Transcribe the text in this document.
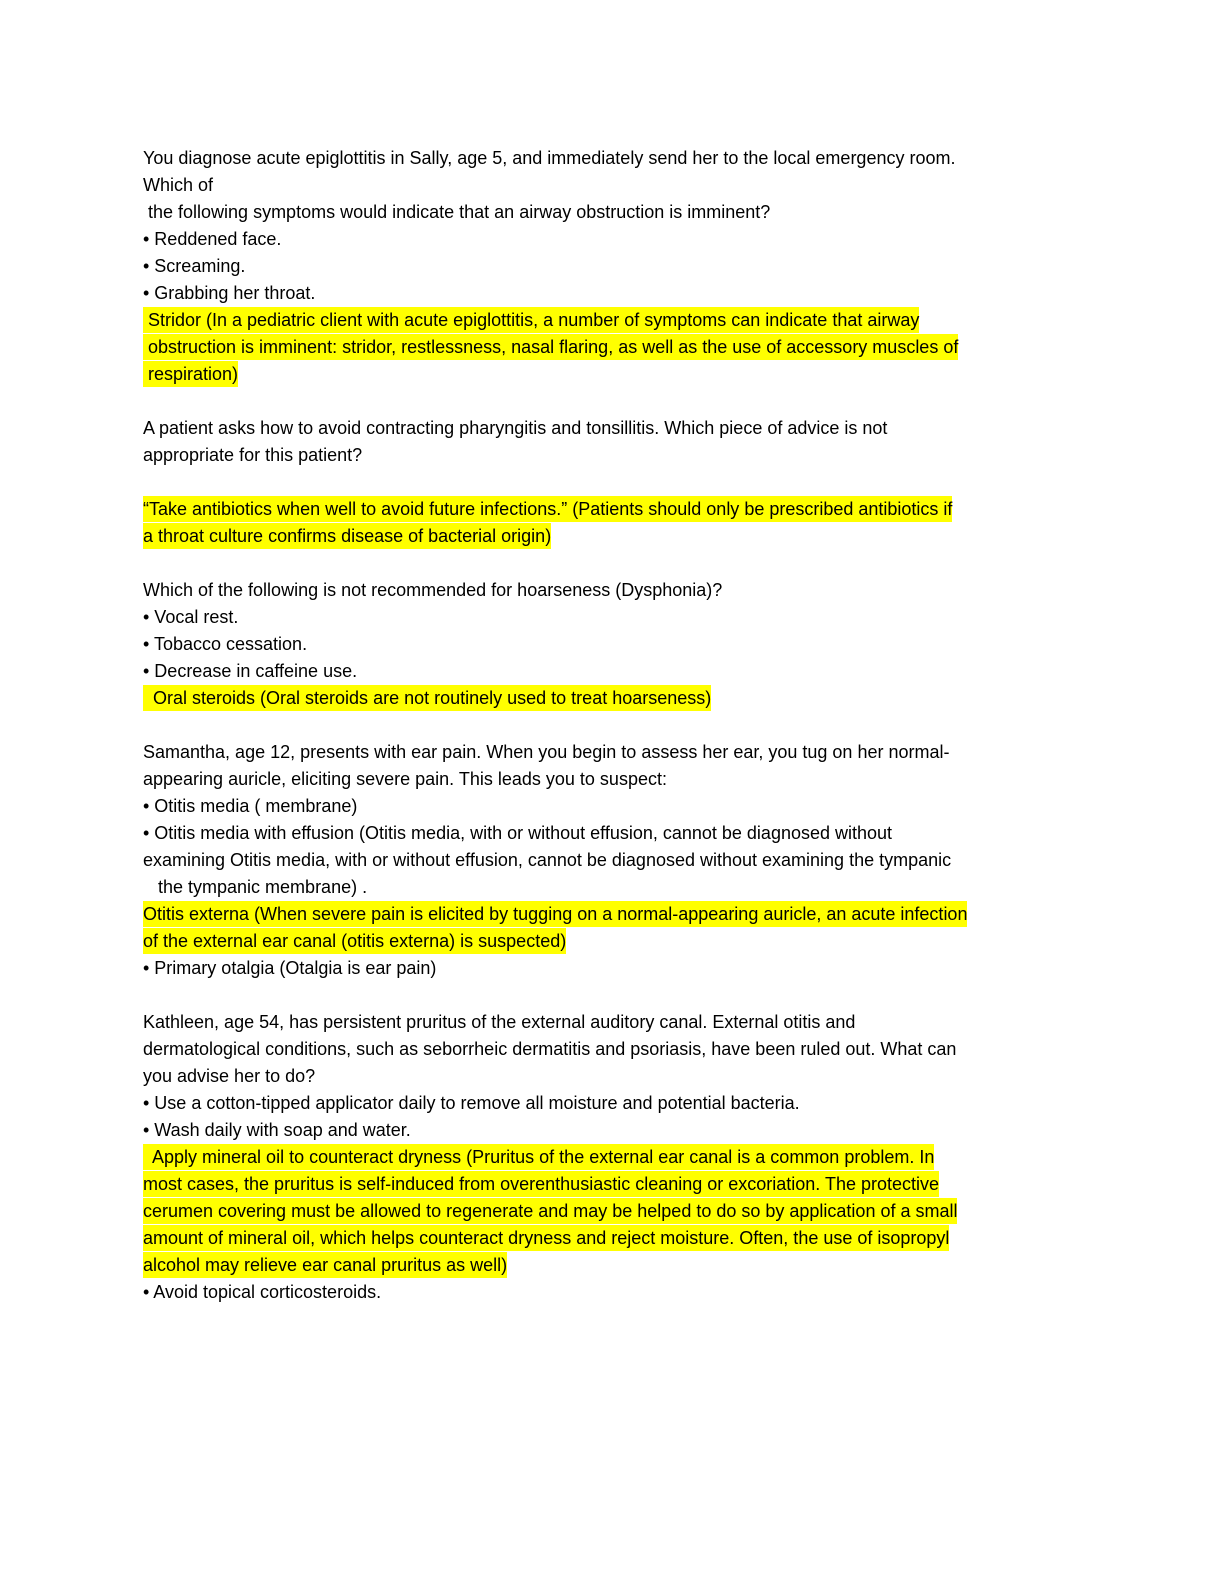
You diagnose acute epiglottitis in Sally, age 5, and immediately send her to the local emergency room.
Which of
the following symptoms would indicate that an airway obstruction is imminent?
• Reddened face.
• Screaming.
• Grabbing her throat.
Stridor (In a pediatric client with acute epiglottitis, a number of symptoms can indicate that airway
obstruction is imminent: stridor, restlessness, nasal flaring, as well as the use of accessory muscles of
respiration)
A patient asks how to avoid contracting pharyngitis and tonsillitis. Which piece of advice is not
appropriate for this patient?
“Take antibiotics when well to avoid future infections.” (Patients should only be prescribed antibiotics if
a throat culture confirms disease of bacterial origin)
Which of the following is not recommended for hoarseness (Dysphonia)?
• Vocal rest.
• Tobacco cessation.
• Decrease in caffeine use.
Oral steroids (Oral steroids are not routinely used to treat hoarseness)
Samantha, age 12, presents with ear pain. When you begin to assess her ear, you tug on her normal-
appearing auricle, eliciting severe pain. This leads you to suspect:
• Otitis media ( membrane)
• Otitis media with effusion (Otitis media, with or without effusion, cannot be diagnosed without
examining Otitis media, with or without effusion, cannot be diagnosed without examining the tympanic
the tympanic membrane) .
Otitis externa (When severe pain is elicited by tugging on a normal-appearing auricle, an acute infection
of the external ear canal (otitis externa) is suspected)
• Primary otalgia (Otalgia is ear pain)
Kathleen, age 54, has persistent pruritus of the external auditory canal. External otitis and
dermatological conditions, such as seborrheic dermatitis and psoriasis, have been ruled out. What can
you advise her to do?
• Use a cotton-tipped applicator daily to remove all moisture and potential bacteria.
• Wash daily with soap and water.
Apply mineral oil to counteract dryness (Pruritus of the external ear canal is a common problem. In
most cases, the pruritus is self-induced from overenthusiastic cleaning or excoriation. The protective
cerumen covering must be allowed to regenerate and may be helped to do so by application of a small
amount of mineral oil, which helps counteract dryness and reject moisture. Often, the use of isopropyl
alcohol may relieve ear canal pruritus as well)
• Avoid topical corticosteroids.
